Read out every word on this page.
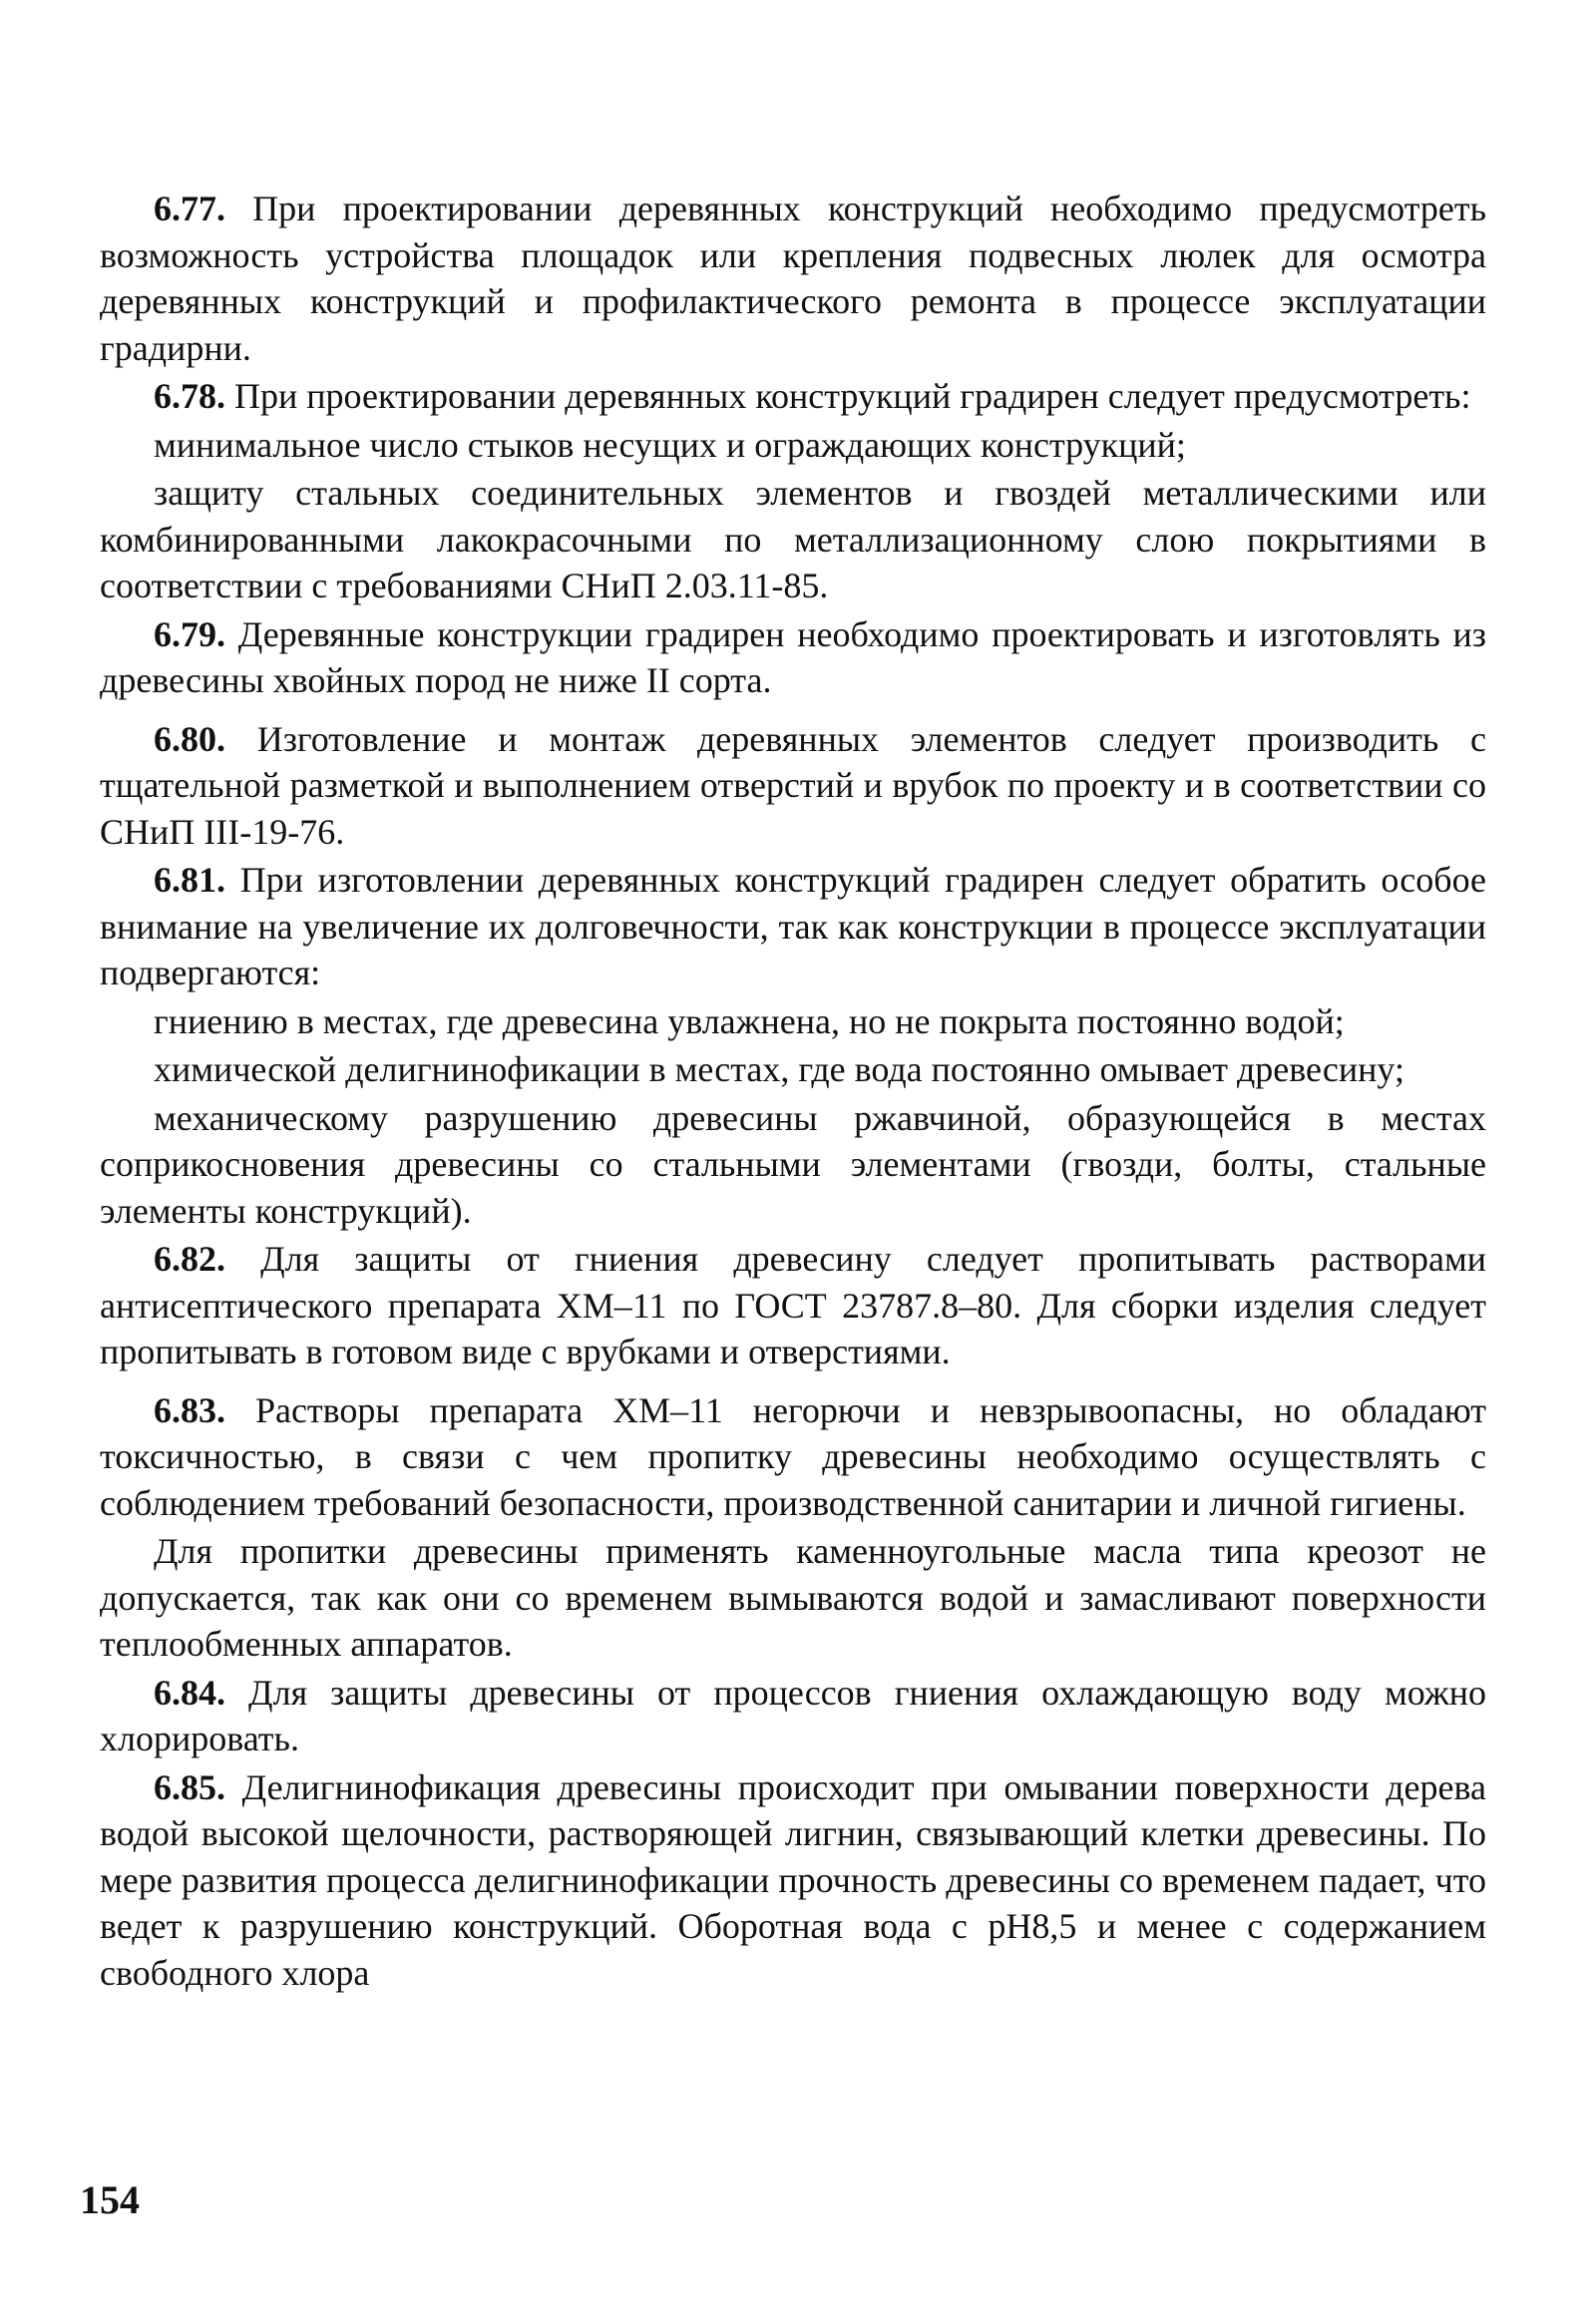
6.77. При проектировании деревянных конструкций необходимо предусмотреть возможность устройства площадок или крепления подвесных люлек для осмотра деревянных конструкций и профилактического ремонта в процессе эксплуатации градирни.

6.78. При проектировании деревянных конструкций градирен следует предусмотреть:

минимальное число стыков несущих и ограждающих конструкций;

защиту стальных соединительных элементов и гвоздей металлическими или комбинированными лакокрасочными по металлизационному слою покрытиями в соответствии с требованиями СНиП 2.03.11-85.

6.79. Деревянные конструкции градирен необходимо проектировать и изготовлять из древесины хвойных пород не ниже II сорта.

6.80. Изготовление и монтаж деревянных элементов следует производить с тщательной разметкой и выполнением отверстий и врубок по проекту и в соответствии со СНиП III-19-76.

6.81. При изготовлении деревянных конструкций градирен следует обратить особое внимание на увеличение их долговечности, так как конструкции в процессе эксплуатации подвергаются:

гниению в местах, где древесина увлажнена, но не покрыта постоянно водой;

химической делигнинофикации в местах, где вода постоянно омывает древесину;

механическому разрушению древесины ржавчиной, образующейся в местах соприкосновения древесины со стальными элементами (гвозди, болты, стальные элементы конструкций).

6.82. Для защиты от гниения древесину следует пропитывать растворами антисептического препарата ХМ–11 по ГОСТ 23787.8–80. Для сборки изделия следует пропитывать в готовом виде с врубками и отверстиями.

6.83. Растворы препарата ХМ–11 негорючи и невзрывоопасны, но обладают токсичностью, в связи с чем пропитку древесины необходимо осуществлять с соблюдением требований безопасности, производственной санитарии и личной гигиены.

Для пропитки древесины применять каменноугольные масла типа креозот не допускается, так как они со временем вымываются водой и замасливают поверхности теплообменных аппаратов.

6.84. Для защиты древесины от процессов гниения охлаждающую воду можно хлорировать.

6.85. Делигнинофикация древесины происходит при омывании поверхности дерева водой высокой щелочности, растворяющей лигнин, связывающий клетки древесины. По мере развития процесса делигнинофикации прочность древесины со временем падает, что ведет к разрушению конструкций. Оборотная вода с рН8,5 и менее с содержанием свободного хлора

154
